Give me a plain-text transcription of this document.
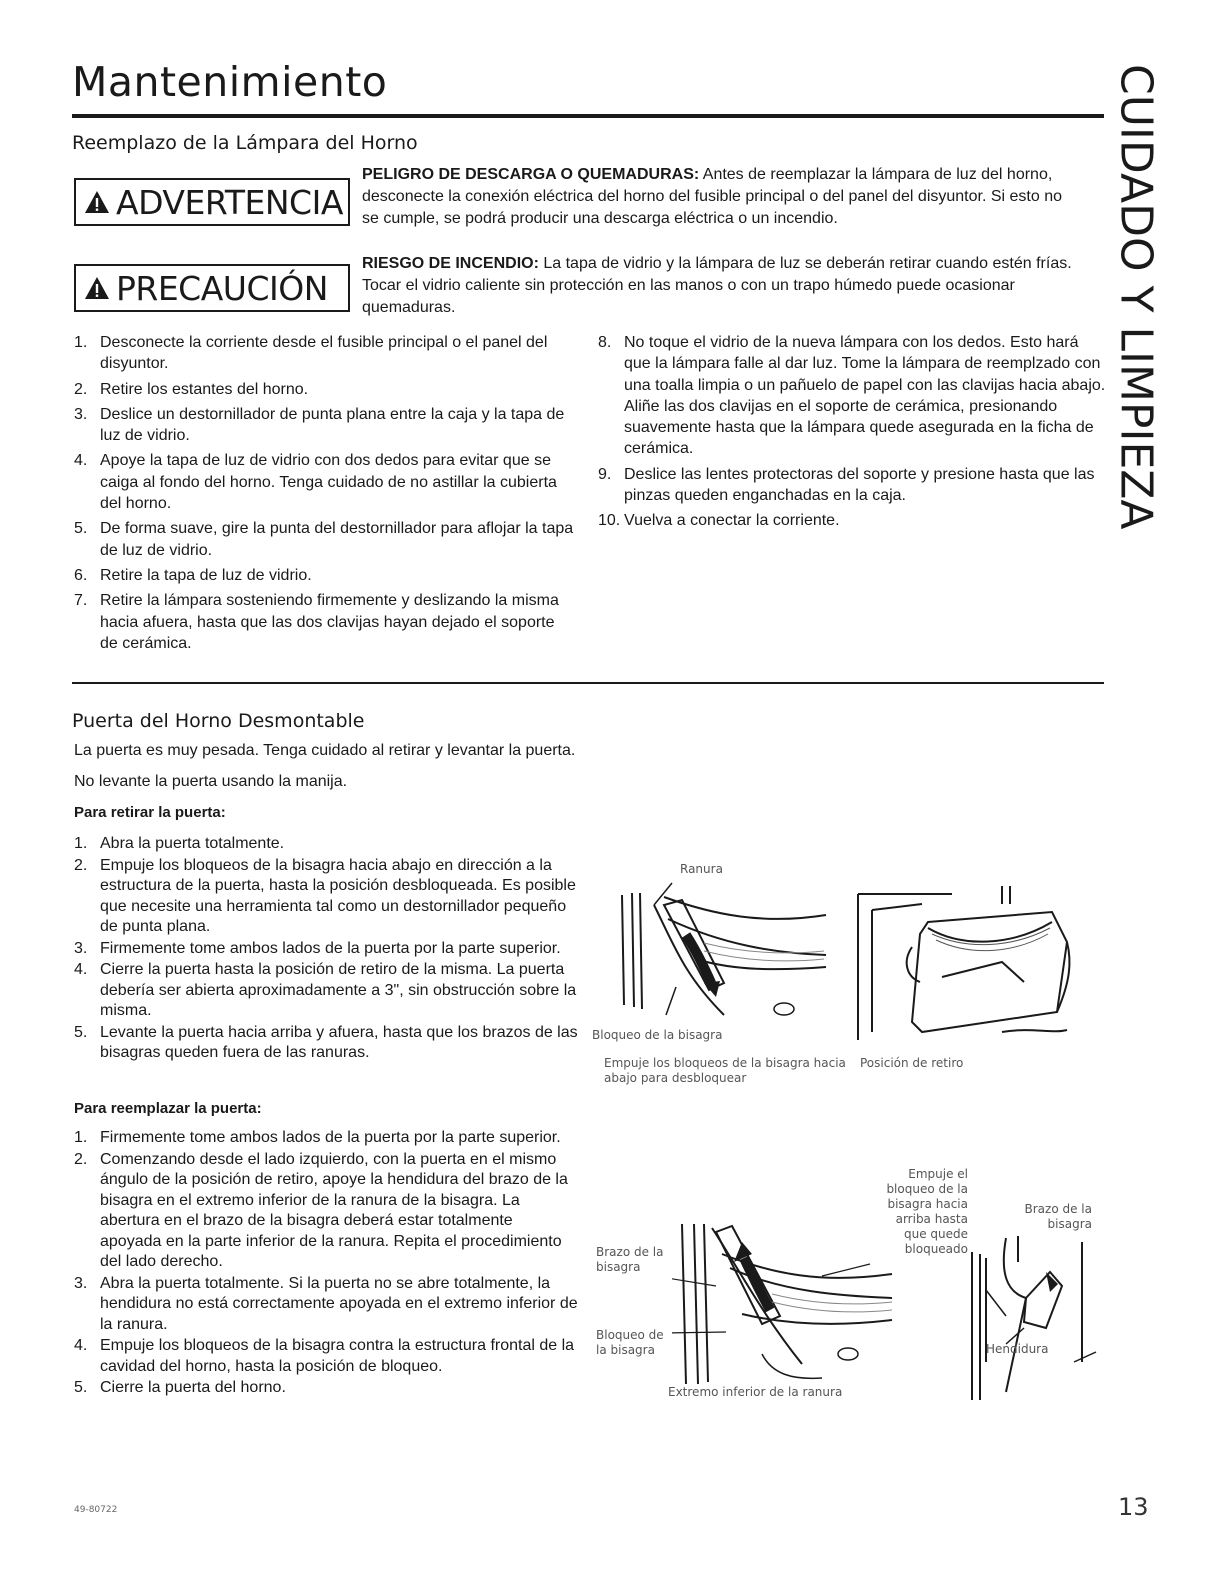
Mantenimiento	CUIDADO Y LIMPIEZA
Reemplazo de la Lámpara del Horno
ADVERTENCIA
PELIGRO DE DESCARGA O QUEMADURAS: Antes de reemplazar la lámpara de luz del horno, desconecte la conexión eléctrica del horno del fusible principal o del panel del disyuntor. Si esto no se cumple, se podrá producir una descarga eléctrica o un incendio.
PRECAUCIÓN
RIESGO DE INCENDIO: La tapa de vidrio y la lámpara de luz se deberán retirar cuando estén frías. Tocar el vidrio caliente sin protección en las manos o con un trapo húmedo puede ocasionar quemaduras.
1. Desconecte la corriente desde el fusible principal o el panel del disyuntor.
2. Retire los estantes del horno.
3. Deslice un destornillador de punta plana entre la caja y la tapa de luz de vidrio.
4. Apoye la tapa de luz de vidrio con dos dedos para evitar que se caiga al fondo del horno. Tenga cuidado de no astillar la cubierta del horno.
5. De forma suave, gire la punta del destornillador para aflojar la tapa de luz de vidrio.
6. Retire la tapa de luz de vidrio.
7. Retire la lámpara sosteniendo firmemente y deslizando la misma hacia afuera, hasta que las dos clavijas hayan dejado el soporte de cerámica.
8. No toque el vidrio de la nueva lámpara con los dedos. Esto hará que la lámpara falle al dar luz. Tome la lámpara de reemplzado con una toalla limpia o un pañuelo de papel con las clavijas hacia abajo. Aliñe las dos clavijas en el soporte de cerámica, presionando suavemente hasta que la lámpara quede asegurada en la ficha de cerámica.
9. Deslice las lentes protectoras del soporte y presione hasta que las pinzas queden enganchadas en la caja.
10. Vuelva a conectar la corriente.
Puerta del Horno Desmontable

La puerta es muy pesada. Tenga cuidado al retirar y levantar la puerta.

No levante la puerta usando la manija.

Para retirar la puerta:

1. Abra la puerta totalmente.
2. Empuje los bloqueos de la bisagra hacia abajo en dirección a la estructura de la puerta, hasta la posición desbloqueada. Es posible que necesite una herramienta tal como un destornillador pequeño de punta plana.
3. Firmemente tome ambos lados de la puerta por la parte superior.
4. Cierre la puerta hasta la posición de retiro de la misma. La puerta debería ser abierta aproximadamente a 3", sin obstrucción sobre la misma.
5. Levante la puerta hacia arriba y afuera, hasta que los brazos de las bisagras queden fuera de las ranuras.

Para reemplazar la puerta:

1. Firmemente tome ambos lados de la puerta por la parte superior.
2. Comenzando desde el lado izquierdo, con la puerta en el mismo ángulo de la posición de retiro, apoye la hendidura del brazo de la bisagra en el extremo inferior de la ranura de la bisagra. La abertura en el brazo de la bisagra deberá estar totalmente apoyada en la parte inferior de la ranura. Repita el procedimiento del lado derecho.
3. Abra la puerta totalmente. Si la puerta no se abre totalmente, la hendidura no está correctamente apoyada en el extremo inferior de la ranura.
4. Empuje los bloqueos de la bisagra contra la estructura frontal de la cavidad del horno, hasta la posición de bloqueo.
5. Cierre la puerta del horno.
Ranura
Bloqueo de la bisagra
Empuje los bloqueos de la bisagra hacia abajo para desbloquear
Posición de retiro
Brazo de la bisagra
Bloqueo de la bisagra
Extremo inferior de la ranura
Empuje el bloqueo de la bisagra hacia arriba hasta que quede bloqueado
Brazo de la bisagra
Hendidura
49-80722	13
